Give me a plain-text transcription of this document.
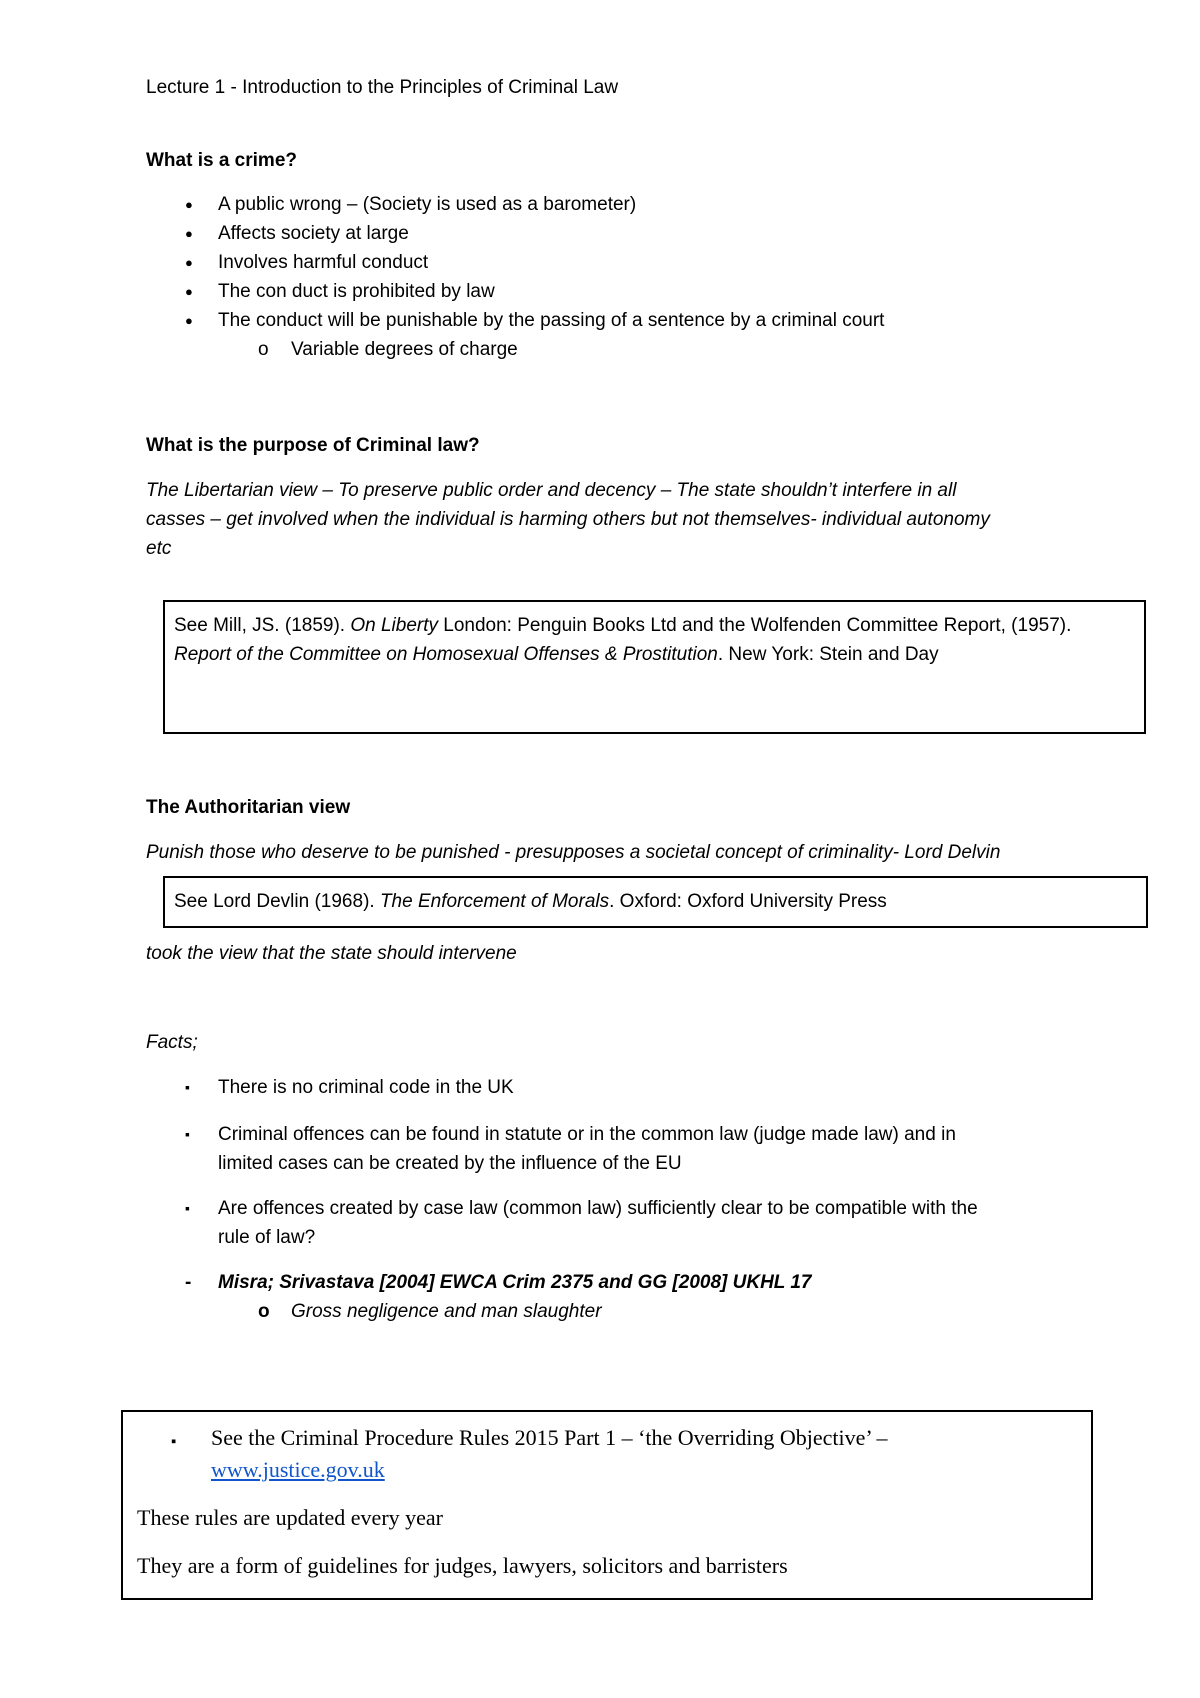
Lecture 1 - Introduction to the Principles of Criminal Law
What is a crime?
● A public wrong – (Society is used as a barometer)
● Affects society at large
● Involves harmful conduct
● The con duct is prohibited by law
● The conduct will be punishable by the passing of a sentence by a criminal court
o Variable degrees of charge
What is the purpose of Criminal law?
The Libertarian view – To preserve public order and decency – The state shouldn’t interfere in all
casses – get involved when the individual is harming others but not themselves- individual autonomy
etc
See Mill, JS. (1859). On Liberty London: Penguin Books Ltd and the Wolfenden Committee Report, (1957).
Report of the Committee on Homosexual Offenses & Prostitution. New York: Stein and Day
The Authoritarian view
Punish those who deserve to be punished - presupposes a societal concept of criminality- Lord Delvin
See Lord Devlin (1968). The Enforcement of Morals. Oxford: Oxford University Press
took the view that the state should intervene
Facts;
▪ There is no criminal code in the UK
▪ Criminal offences can be found in statute or in the common law (judge made law) and in
limited cases can be created by the influence of the EU
▪ Are offences created by case law (common law) sufficiently clear to be compatible with the
rule of law?
- Misra; Srivastava [2004] EWCA Crim 2375 and GG [2008] UKHL 17
o Gross negligence and man slaughter
▪ See the Criminal Procedure Rules 2015 Part 1 – ‘the Overriding Objective’ –
www.justice.gov.uk
These rules are updated every year
They are a form of guidelines for judges, lawyers, solicitors and barristers
